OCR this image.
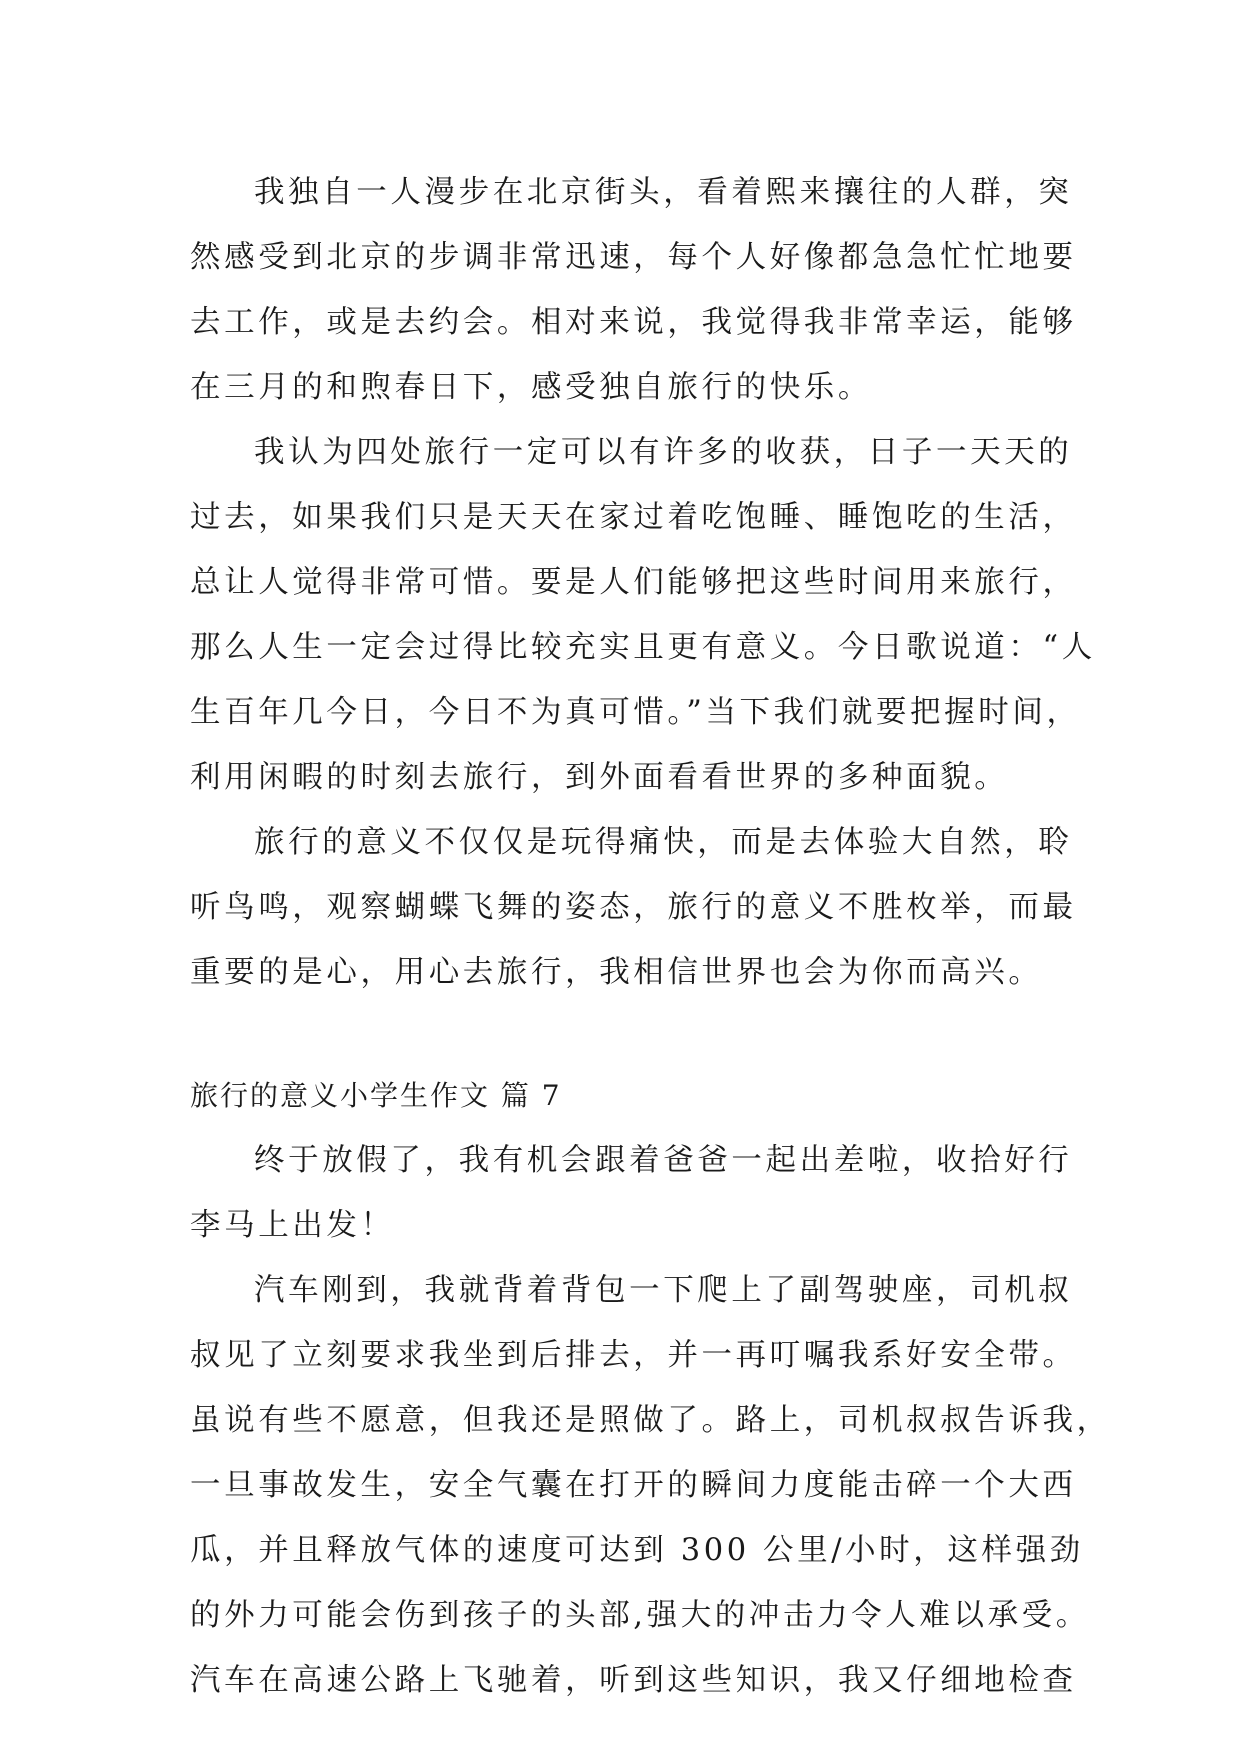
我独自一人漫步在北京街头，看着熙来攘往的人群，突
然感受到北京的步调非常迅速，每个人好像都急急忙忙地要
去工作，或是去约会。相对来说，我觉得我非常幸运，能够
在三月的和煦春日下，感受独自旅行的快乐。
我认为四处旅行一定可以有许多的收获，日子一天天的
过去，如果我们只是天天在家过着吃饱睡、睡饱吃的生活，
总让人觉得非常可惜。要是人们能够把这些时间用来旅行，
那么人生一定会过得比较充实且更有意义。今日歌说道：“人
生百年几今日，今日不为真可惜。”当下我们就要把握时间，
利用闲暇的时刻去旅行，到外面看看世界的多种面貌。
旅行的意义不仅仅是玩得痛快，而是去体验大自然，聆
听鸟鸣，观察蝴蝶飞舞的姿态，旅行的意义不胜枚举，而最
重要的是心，用心去旅行，我相信世界也会为你而高兴。
旅行的意义小学生作文 篇 7
终于放假了，我有机会跟着爸爸一起出差啦，收拾好行
李马上出发！
汽车刚到，我就背着背包一下爬上了副驾驶座，司机叔
叔见了立刻要求我坐到后排去，并一再叮嘱我系好安全带。
虽说有些不愿意，但我还是照做了。路上，司机叔叔告诉我，
一旦事故发生，安全气囊在打开的瞬间力度能击碎一个大西
瓜，并且释放气体的速度可达到 300 公里/小时，这样强劲
的外力可能会伤到孩子的头部,强大的冲击力令人难以承受。
汽车在高速公路上飞驰着，听到这些知识，我又仔细地检查
